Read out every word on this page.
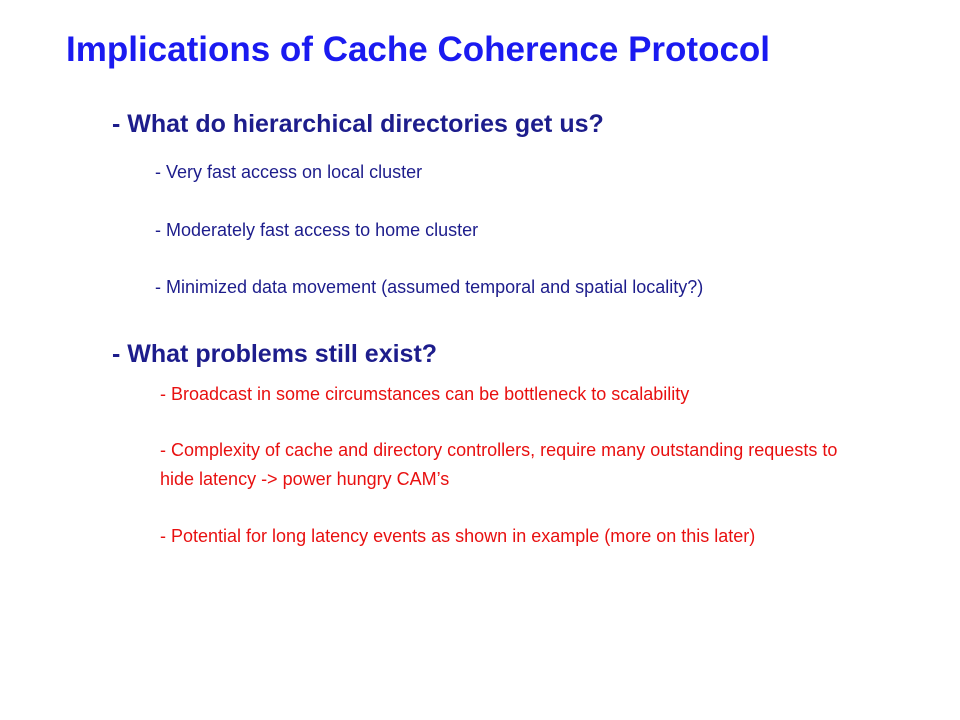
Implications of Cache Coherence Protocol
- What do hierarchical directories get us?

- Very fast access on local cluster

- Moderately fast access to home cluster

- Minimized data movement (assumed temporal and spatial locality?)

- What problems still exist?

- Broadcast in some circumstances can be bottleneck to scalability

- Complexity of cache and directory controllers, require many outstanding requests to hide latency -> power hungry CAM’s

- Potential for long latency events as shown in example (more on this later)
